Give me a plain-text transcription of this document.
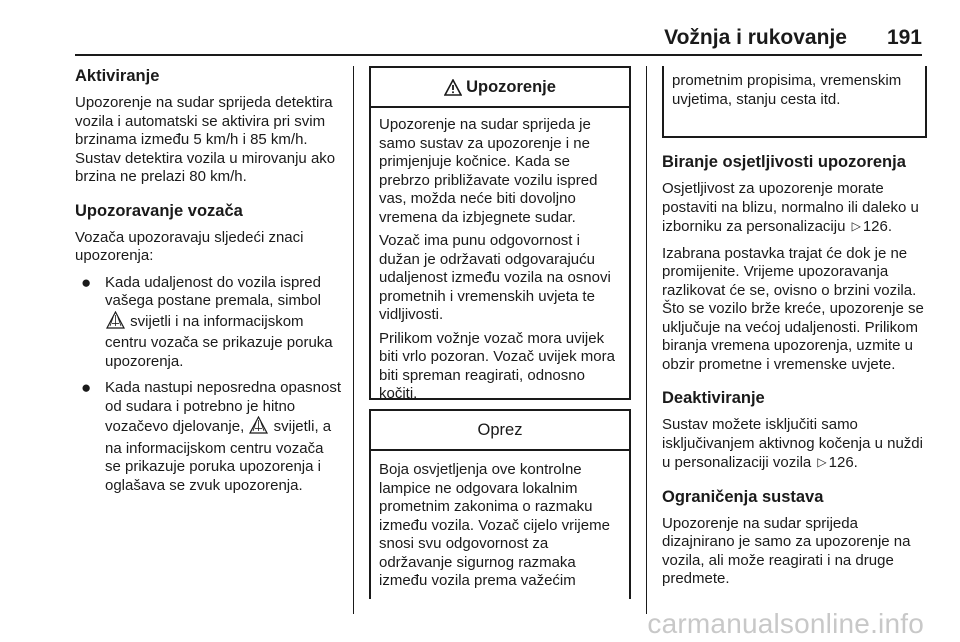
Vožnja i rukovanje 191
Aktiviranje

Upozorenje na sudar sprijeda detektira vozila i automatski se aktivira pri svim brzinama između 5 km/h i 85 km/h. Sustav detektira vozila u mirovanju ako brzina ne prelazi 80 km/h.

Upozoravanje vozača

Vozača upozoravaju sljedeći znaci upozorenja:

● Kada udaljenost do vozila ispred vašega postane premala, simbol  svijetli i na informacijskom centru vozača se prikazuje poruka upozorenja.
● Kada nastupi neposredna opasnost od sudara i potrebno je hitno vozačevo djelovanje, svijetli, a na informacijskom centru vozača se prikazuje poruka upozorenja i oglašava se zvuk upozorenja.
Upozorenje

Upozorenje na sudar sprijeda je samo sustav za upozorenje i ne primjenjuje kočnice. Kada se prebrzo približavate vozilu ispred vas, možda neće biti dovoljno vremena da izbjegnete sudar.

Vozač ima punu odgovornost i dužan je održavati odgovarajuću udaljenost između vozila na osnovi prometnih i vremenskih uvjeta te vidljivosti.

Prilikom vožnje vozač mora uvijek biti vrlo pozoran. Vozač uvijek mora biti spreman reagirati, odnosno kočiti.

Oprez

Boja osvjetljenja ove kontrolne lampice ne odgovara lokalnim prometnim zakonima o razmaku između vozila. Vozač cijelo vrijeme snosi svu odgovornost za održavanje sigurnog razmaka između vozila prema važećim

prometnim propisima, vremenskim uvjetima, stanju cesta itd.

Biranje osjetljivosti upozorenja

Osjetljivost za upozorenje morate postaviti na blizu, normalno ili daleko u izborniku za personalizaciju ▷ 126.

Izabrana postavka trajat će dok je ne promijenite. Vrijeme upozoravanja razlikovat će se, ovisno o brzini vozila. Što se vozilo brže kreće, upozorenje se uključuje na većoj udaljenosti. Prilikom biranja vremena upozorenja, uzmite u obzir prometne i vremenske uvjete.

Deaktiviranje

Sustav možete isključiti samo isključivanjem aktivnog kočenja u nuždi u personalizaciji vozila ▷ 126.

Ograničenja sustava

Upozorenje na sudar sprijeda dizajnirano je samo za upozorenje na vozila, ali može reagirati i na druge predmete.

carmanualsonline.info
